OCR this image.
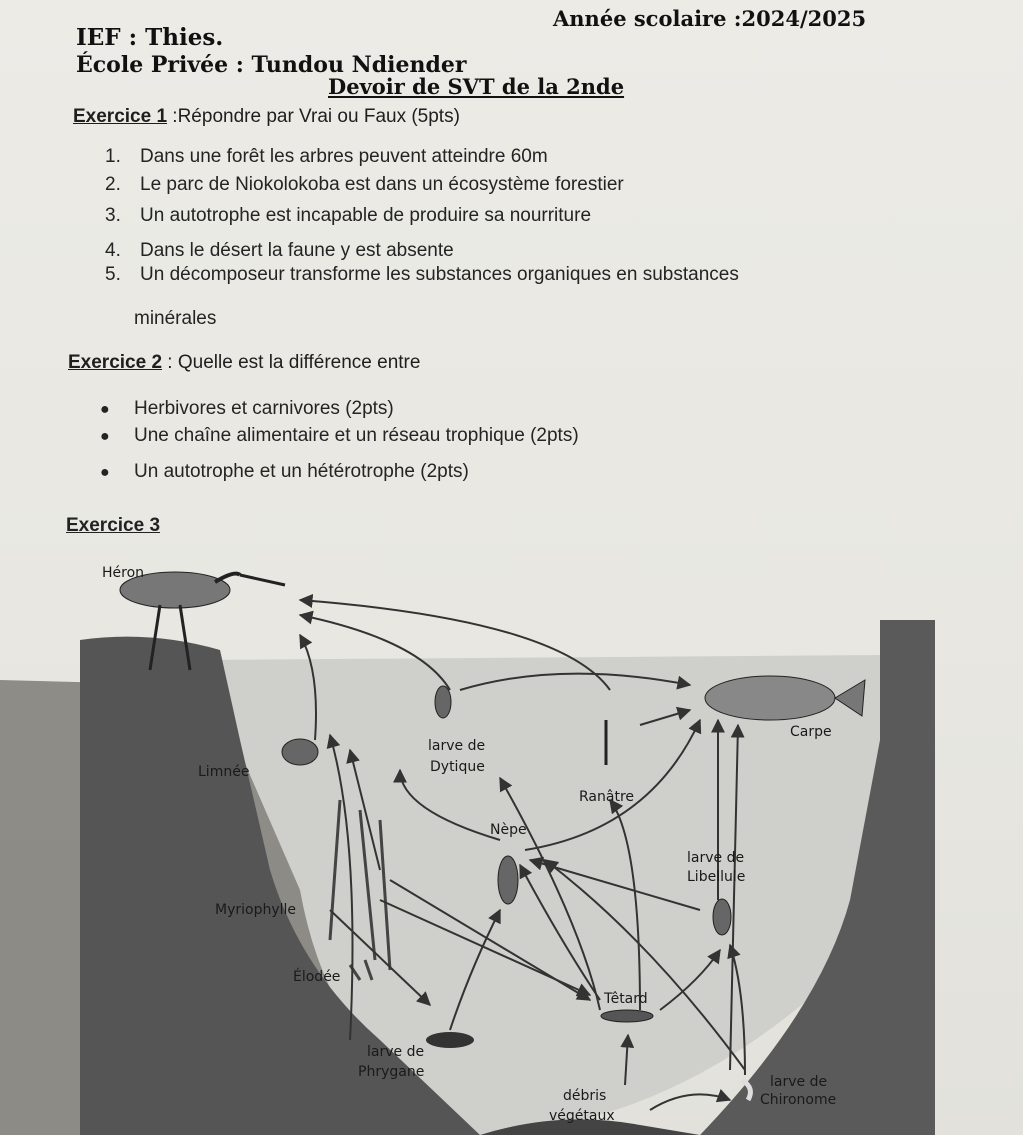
IEF : Thies.
Année scolaire :2024/2025
École Privée : Tundou Ndiender
Devoir de SVT de la 2nde
Exercice 1 :Répondre par Vrai ou Faux (5pts)
1. Dans une forêt les arbres peuvent atteindre 60m
2. Le parc de Niokolokoba est dans un écosystème forestier
3. Un autotrophe est incapable de produire sa nourriture
4. Dans le désert la faune y est absente
5. Un décomposeur transforme les substances organiques en substances
minérales
Exercice 2 : Quelle est la différence entre
● Herbivores et carnivores (2pts)
● Une chaîne alimentaire et un réseau trophique (2pts)
● Un autotrophe et un hétérotrophe (2pts)
Exercice 3
Héron
Limnée
larve de
Dytique
Carpe
Ranâtre
Nèpe
larve de
Libellule
Myriophylle
Élodée
Têtard
larve de
Phrygane
débris
végétaux
larve de
Chironome
